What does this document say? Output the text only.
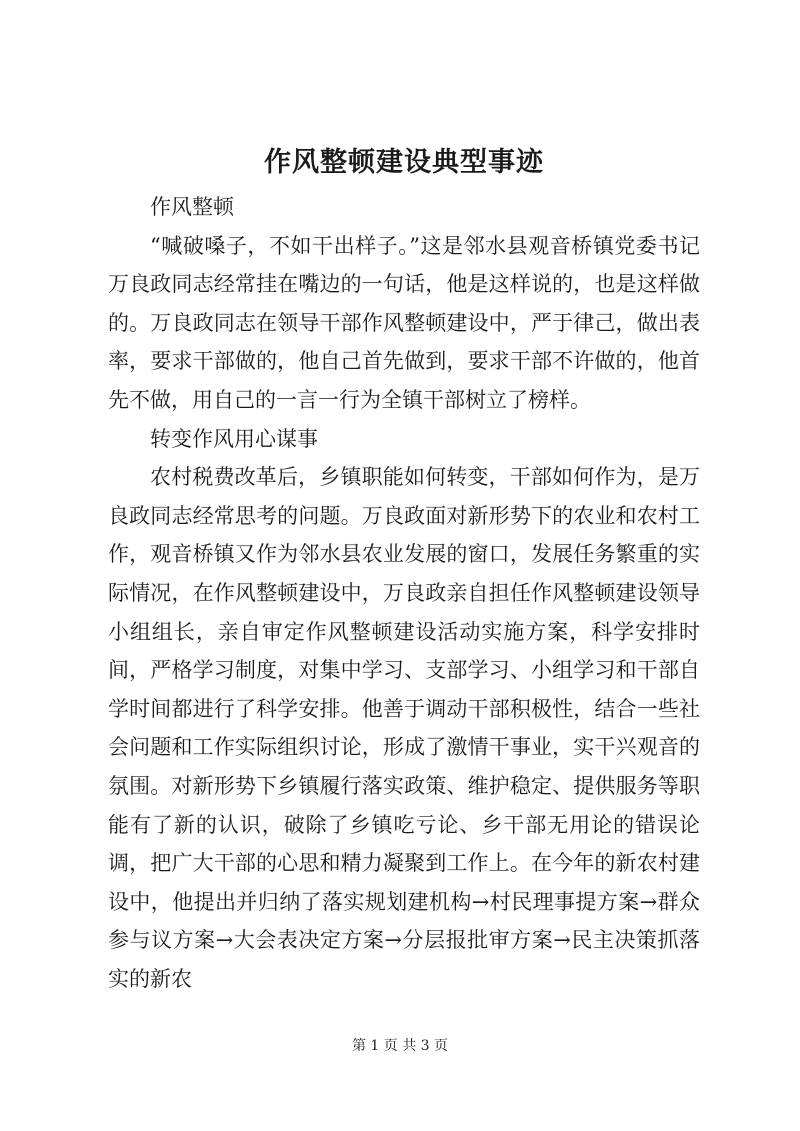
作风整顿建设典型事迹

作风整顿

“喊破嗓子，不如干出样子。”这是邻水县观音桥镇党委书记万良政同志经常挂在嘴边的一句话，他是这样说的，也是这样做的。万良政同志在领导干部作风整顿建设中，严于律己，做出表率，要求干部做的，他自己首先做到，要求干部不许做的，他首先不做，用自己的一言一行为全镇干部树立了榜样。

转变作风用心谋事

农村税费改革后，乡镇职能如何转变，干部如何作为，是万良政同志经常思考的问题。万良政面对新形势下的农业和农村工作，观音桥镇又作为邻水县农业发展的窗口，发展任务繁重的实际情况，在作风整顿建设中，万良政亲自担任作风整顿建设领导小组组长，亲自审定作风整顿建设活动实施方案，科学安排时间，严格学习制度，对集中学习、支部学习、小组学习和干部自学时间都进行了科学安排。他善于调动干部积极性，结合一些社会问题和工作实际组织讨论，形成了激情干事业，实干兴观音的氛围。对新形势下乡镇履行落实政策、维护稳定、提供服务等职能有了新的认识，破除了乡镇吃亏论、乡干部无用论的错误论调，把广大干部的心思和精力凝聚到工作上。在今年的新农村建设中，他提出并归纳了落实规划建机构→村民理事提方案→群众参与议方案→大会表决定方案→分层报批审方案→民主决策抓落实的新农

第 1 页 共 3 页
